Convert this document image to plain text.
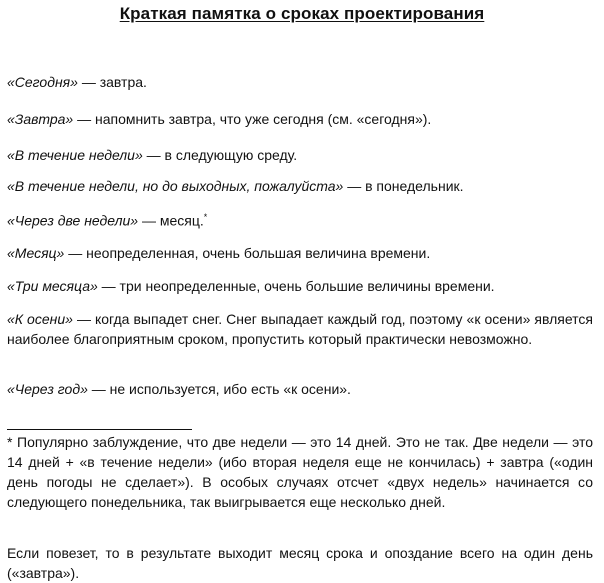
Краткая памятка о сроках проектирования
«Сегодня» — завтра.
«Завтра» — напомнить завтра, что уже сегодня (см. «сегодня»).
«В течение недели» — в следующую среду.
«В течение недели, но до выходных, пожалуйста» — в понедельник.
«Через две недели» — месяц.*
«Месяц» — неопределенная, очень большая величина времени.
«Три месяца» — три неопределенные, очень большие величины времени.
«К осени» — когда выпадет снег. Снег выпадает каждый год, поэтому «к осени» является наиболее благоприятным сроком, пропустить который практически невозможно.
«Через год» — не используется, ибо есть «к осени».
* Популярно заблуждение, что две недели — это 14 дней. Это не так. Две недели — это 14 дней + «в течение недели» (ибо вторая неделя еще не кончилась) + завтра («один день погоды не сделает»). В особых случаях отсчет «двух недель» начинается со следующего понедельника, так выигрывается еще несколько дней.
Если повезет, то в результате выходит месяц срока и опоздание всего на один день («завтра»).
